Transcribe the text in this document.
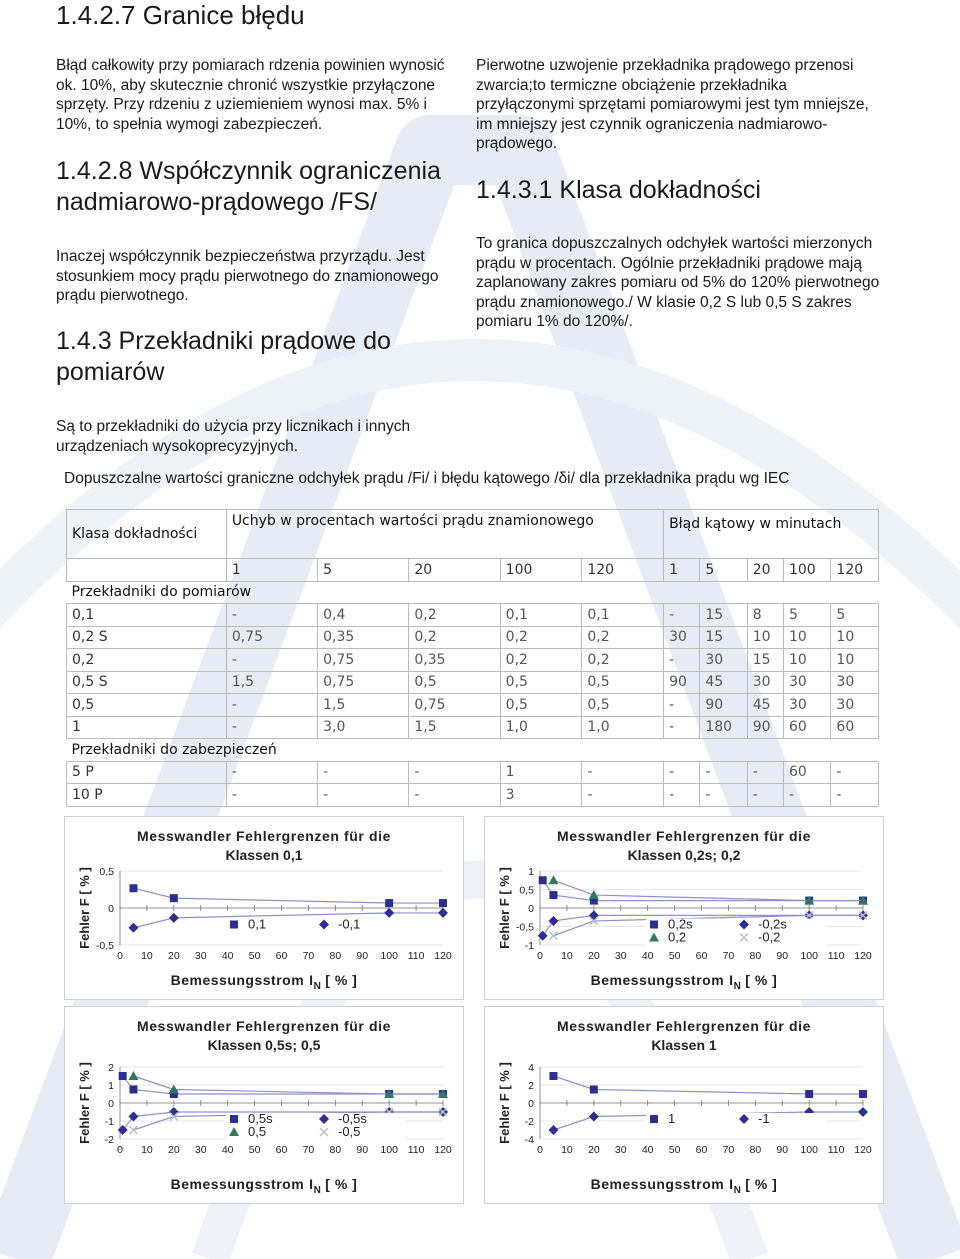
1.4.2.7 Granice błędu

Błąd całkowity przy pomiarach rdzenia powinien wynosić ok. 10%, aby skutecznie chronić wszystkie przyłączone sprzęty. Przy rdzeniu z uziemieniem wynosi max. 5% i 10%, to spełnia wymogi zabezpieczeń.

1.4.2.8 Współczynnik ograniczenia
nadmiarowo-prądowego /FS/

Inaczej współczynnik bezpieczeństwa przyrządu. Jest stosunkiem mocy prądu pierwotnego do znamionowego prądu pierwotnego.

1.4.3 Przekładniki prądowe do
pomiarów

Są to przekładniki do użycia przy licznikach i innych urządzeniach wysokoprecyzyjnych.

Pierwotne uzwojenie przekładnika prądowego przenosi zwarcia;to termiczne obciążenie przekładnika przyłączonymi sprzętami pomiarowymi jest tym mniejsze, im mniejszy jest czynnik ograniczenia nadmiarowo-prądowego.

1.4.3.1 Klasa dokładności

To granica dopuszczalnych odchyłek wartości mierzonych prądu w procentach. Ogólnie przekładniki prądowe mają zaplanowany zakres pomiaru od 5% do 120% pierwotnego prądu znamionowego./ W klasie 0,2 S lub 0,5 S zakres pomiaru 1% do 120%/.

Dopuszczalne wartości graniczne odchyłek prądu /Fi/ i błędu kątowego /δi/ dla przekładnika prądu wg IEC

Klasa dokładności	Uchyb w procentach wartości prądu znamionowego					Błąd kątowy w minutach				
	1	5	20	100	120	1	5	20	100	120
Przekładniki do pomiarów										
0,1	-	0,4	0,2	0,1	0,1	-	15	8	5	5
0,2 S	0,75	0,35	0,2	0,2	0,2	30	15	10	10	10
0,2	-	0,75	0,35	0,2	0,2	-	30	15	10	10
0,5 S	1,5	0,75	0,5	0,5	0,5	90	45	30	30	30
0,5	-	1,5	0,75	0,5	0,5	-	90	45	30	30
1	-	3,0	1,5	1,0	1,0	-	180	90	60	60
Przekładniki do zabezpieczeń										
5 P	-	-	-	1	-	-	-	-	60	-
10 P	-	-	-	3	-	-	-	-	-	-
Messwandler Fehlergrenzen für die
Klassen 0,1
Fehler F [ % ] 0,5
0
-0,5
0 10 20 30 40 50 60 70 80 90 100 110 120
0,1	-0,1
Bemessungsstrom $I_N$ [ % ]
Messwandler Fehlergrenzen für die
Klassen 0,2s; 0,2
Fehler F [ % ] 1
0,5
0
-0,5
-1
0 10 20 30 40 50 60 70 80 90 100 110 120
0,2s	-0,2s
0,2	-0,2
Bemessungsstrom $I_N$ [ % ]
Messwandler Fehlergrenzen für die
Klassen 0,5s; 0,5
Fehler F [ % ] 2
1
0
-1
-2
0 10 20 30 40 50 60 70 80 90 100 110 120
0,5s	-0,5s
0,5	-0,5
Bemessungsstrom $I_N$ [ % ]
Messwandler Fehlergrenzen für die
Klassen 1
Fehler F [ % ] 4
2
0
-2
-4
0 10 20 30 40 50 60 70 80 90 100 110 120
1	-1
Bemessungsstrom $I_N$ [ % ]
